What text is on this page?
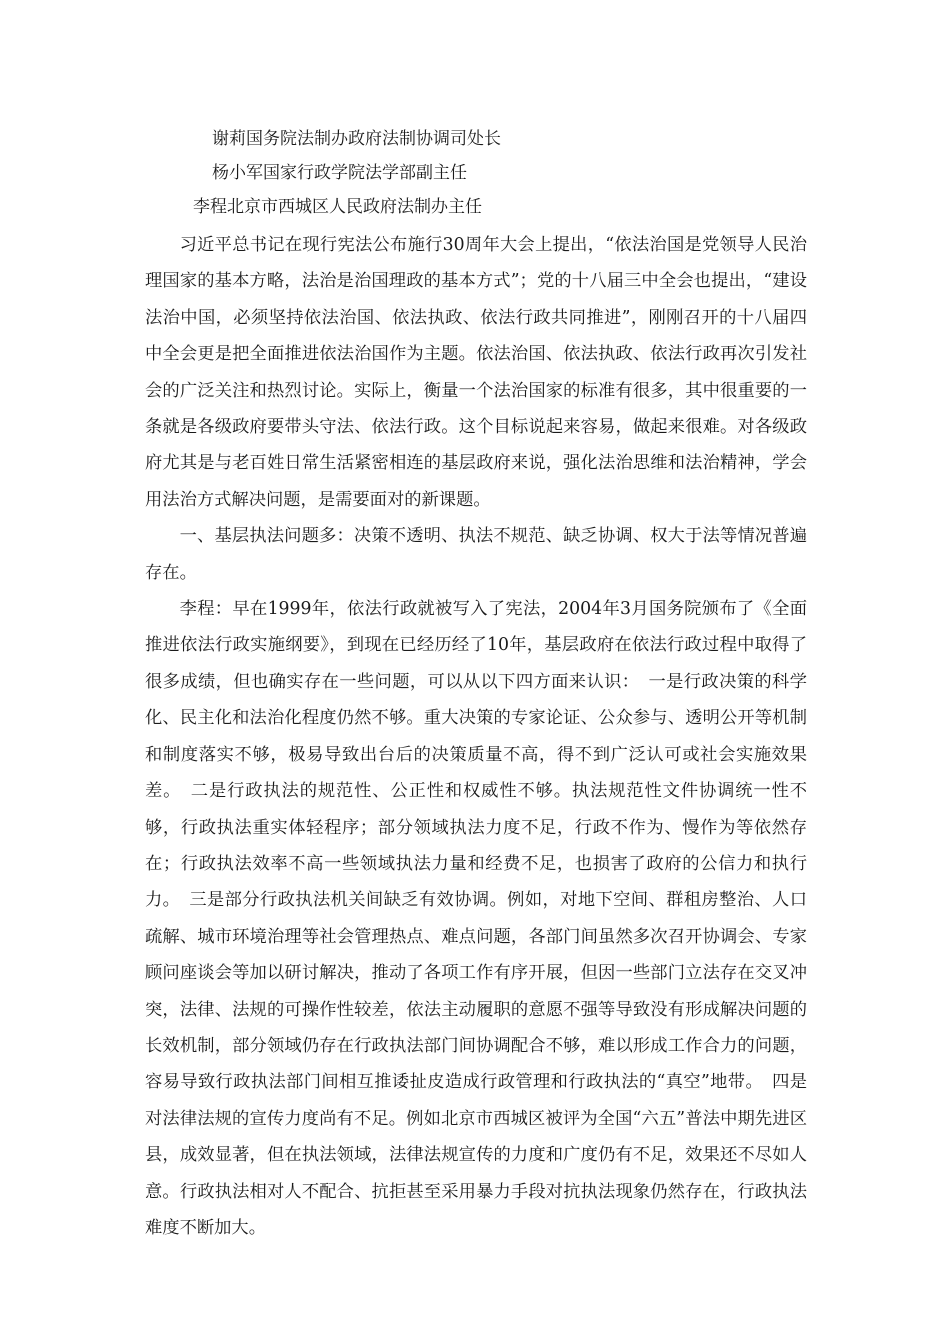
谢莉国务院法制办政府法制协调司处长
杨小军国家行政学院法学部副主任
李程北京市西城区人民政府法制办主任

习近平总书记在现行宪法公布施行30周年大会上提出，“依法治国是党领导人民治理国家的基本方略，法治是治国理政的基本方式”；党的十八届三中全会也提出，“建设法治中国，必须坚持依法治国、依法执政、依法行政共同推进”，刚刚召开的十八届四中全会更是把全面推进依法治国作为主题。依法治国、依法执政、依法行政再次引发社会的广泛关注和热烈讨论。实际上，衡量一个法治国家的标准有很多，其中很重要的一条就是各级政府要带头守法、依法行政。这个目标说起来容易，做起来很难。对各级政府尤其是与老百姓日常生活紧密相连的基层政府来说，强化法治思维和法治精神，学会用法治方式解决问题，是需要面对的新课题。

一、基层执法问题多：决策不透明、执法不规范、缺乏协调、权大于法等情况普遍存在。

李程：早在1999年，依法行政就被写入了宪法，2004年3月国务院颁布了《全面推进依法行政实施纲要》，到现在已经历经了10年，基层政府在依法行政过程中取得了很多成绩，但也确实存在一些问题，可以从以下四方面来认识：　一是行政决策的科学化、民主化和法治化程度仍然不够。重大决策的专家论证、公众参与、透明公开等机制和制度落实不够，极易导致出台后的决策质量不高，得不到广泛认可或社会实施效果差。　二是行政执法的规范性、公正性和权威性不够。执法规范性文件协调统一性不够，行政执法重实体轻程序；部分领域执法力度不足，行政不作为、慢作为等依然存在；行政执法效率不高一些领域执法力量和经费不足，也损害了政府的公信力和执行力。　三是部分行政执法机关间缺乏有效协调。例如，对地下空间、群租房整治、人口疏解、城市环境治理等社会管理热点、难点问题，各部门间虽然多次召开协调会、专家顾问座谈会等加以研讨解决，推动了各项工作有序开展，但因一些部门立法存在交叉冲突，法律、法规的可操作性较差，依法主动履职的意愿不强等导致没有形成解决问题的长效机制，部分领域仍存在行政执法部门间协调配合不够，难以形成工作合力的问题，容易导致行政执法部门间相互推诿扯皮造成行政管理和行政执法的“真空”地带。　四是对法律法规的宣传力度尚有不足。例如北京市西城区被评为全国“六五”普法中期先进区县，成效显著，但在执法领域，法律法规宣传的力度和广度仍有不足，效果还不尽如人意。行政执法相对人不配合、抗拒甚至采用暴力手段对抗执法现象仍然存在，行政执法难度不断加大。
